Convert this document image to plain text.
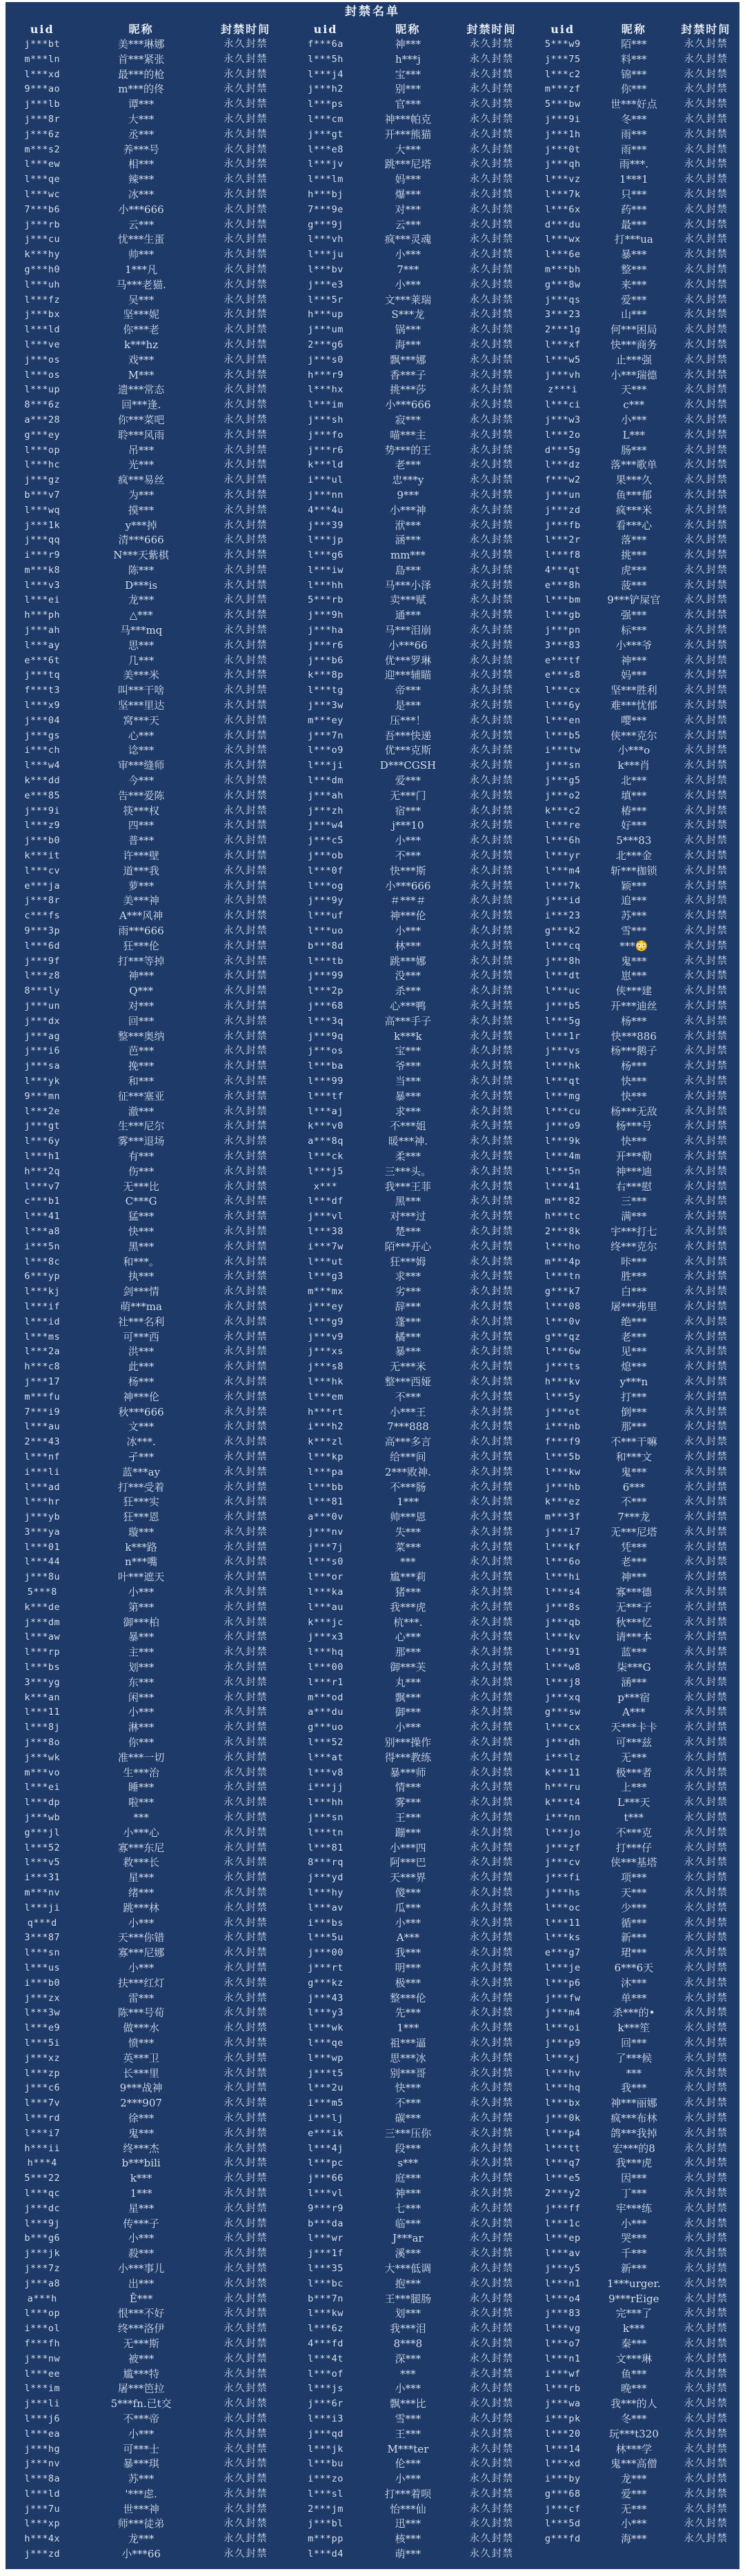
封禁名单
uid	昵称	封禁时间
j***bt	美***琳娜	永久封禁
m***ln	首***紧张	永久封禁
l***xd	最***的枪	永久封禁
9***ao	m***的佟	永久封禁
j***lb	谭***	永久封禁
j***8r	大***	永久封禁
j***6z	丞***	永久封禁
m***s2	养***号	永久封禁
l***ew	相***	永久封禁
l***qe	辣***	永久封禁
l***wc	冰***	永久封禁
7***b6	小***666	永久封禁
j***rb	云***	永久封禁
j***cu	忧***生蛋	永久封禁
k***hy	帅***	永久封禁
g***h0	1***凡	永久封禁
l***uh	马***老猫.	永久封禁
l***fz	吴***	永久封禁
j***bx	坚***妮	永久封禁
l***ld	你***老	永久封禁
l***ve	k***hz	永久封禁
j***os	戏***	永久封禁
l***os	M***	永久封禁
l***up	遗***常态	永久封禁
8***6z	回***逢.	永久封禁
a***28	你***菜吧	永久封禁
g***ey	聆***风雨	永久封禁
l***op	吊***	永久封禁
l***hc	光***	永久封禁
j***gz	疯***易丝	永久封禁
b***v7	为***	永久封禁
l***wq	摸***	永久封禁
j***1k	y***掉	永久封禁
j***qq	清***666	永久封禁
i***r9	N***天紫棋	永久封禁
m***k8	陈***	永久封禁
l***v3	D***is	永久封禁
l***ei	龙***	永久封禁
h***ph	△***	永久封禁
j***ah	马***mq	永久封禁
l***ay	思***	永久封禁
e***6t	几***	永久封禁
j***tq	美***米	永久封禁
f***t3	叫***干啥	永久封禁
l***x9	坚***里达	永久封禁
j***04	窝***天	永久封禁
j***gs	心***	永久封禁
i***ch	谂***	永久封禁
l***w4	审***缝师	永久封禁
k***dd	今***	永久封禁
e***85	告***爱陈	永久封禁
j***9i	筷***权	永久封禁
l***z9	四***	永久封禁
j***b0	普***	永久封禁
k***it	许***壁	永久封禁
l***cv	道***我	永久封禁
e***ja	萝***	永久封禁
j***8r	美***神	永久封禁
c***fs	A***风神	永久封禁
9***3p	雨***666	永久封禁
l***6d	狂***伦	永久封禁
j***9f	打***等掉	永久封禁
l***z8	神***	永久封禁
8***ly	Q***	永久封禁
j***un	对***	永久封禁
j***dx	回***	永久封禁
j***ag	整***奥纳	永久封禁
j***i6	芭***	永久封禁
j***sa	挽***	永久封禁
l***yk	和***	永久封禁
9***mn	征***塞亚	永久封禁
l***2e	澈***	永久封禁
j***gt	生***尼尔	永久封禁
l***6y	雾***退场	永久封禁
l***h1	有***	永久封禁
h***2q	伤***	永久封禁
l***v7	无***比	永久封禁
c***b1	C***G	永久封禁
l***41	猛***	永久封禁
l***a8	快***	永久封禁
i***5n	黑***	永久封禁
l***8c	和***。	永久封禁
6***yp	执***	永久封禁
l***kj	剑***情	永久封禁
l***if	萌***ma	永久封禁
l***id	社***名利	永久封禁
l***ms	可***西	永久封禁
l***2a	洪***	永久封禁
h***c8	此***	永久封禁
j***17	杨***	永久封禁
m***fu	神***伦	永久封禁
7***i9	秋***666	永久封禁
l***au	文***	永久封禁
2***43	冰***.	永久封禁
l***nf	孑***	永久封禁
i***li	蓝***ay	永久封禁
l***ad	打***受着	永久封禁
l***hr	狂***实	永久封禁
j***yb	狂***恩	永久封禁
3***ya	璇***	永久封禁
l***01	k***路	永久封禁
l***44	n***嘴	永久封禁
j***8u	叶***遮天	永久封禁
5***8	小***	永久封禁
k***de	第***	永久封禁
j***dm	御***柏	永久封禁
l***aw	暴***	永久封禁
l***rp	主***	永久封禁
l***bs	划***	永久封禁
3***yg	东***	永久封禁
k***an	闲***	永久封禁
l***11	小***	永久封禁
l***8j	淋***	永久封禁
j***8o	你***	永久封禁
j***wk	准***一切	永久封禁
m***vo	生***治	永久封禁
l***ei	睡***	永久封禁
l***dp	啦***	永久封禁
j***wb	***	永久封禁
g***jl	小***心	永久封禁
l***52	寡***东尼	永久封禁
l***v5	救***长	永久封禁
i***31	星***	永久封禁
m***nv	绪***	永久封禁
l***ji	跳***林	永久封禁
q***d	小***	永久封禁
3***87	天***你错	永久封禁
l***sn	寡***尼娜	永久封禁
l***us	小***	永久封禁
i***b0	扶***红灯	永久封禁
j***zx	雷***	永久封禁
l***3w	陈***号荀	永久封禁
l***e9	做***水	永久封禁
l***5i	愤***	永久封禁
j***xz	英***卫	永久封禁
l***zp	长***里	永久封禁
j***c6	9***战神	永久封禁
l***7v	2***907	永久封禁
l***rd	徐***	永久封禁
l***i7	鬼***	永久封禁
h***ii	终***杰	永久封禁
h***4	b***bili	永久封禁
5***22	k***	永久封禁
l***qc	1***	永久封禁
j***dc	星***	永久封禁
l***9j	传***子	永久封禁
b***g6	小***	永久封禁
j***jk	殺***	永久封禁
j***7z	小***事儿	永久封禁
j***a8	出***	永久封禁
a***h	Ē***	永久封禁
l***op	恨***不好	永久封禁
i***ol	终***洛伊	永久封禁
f***fh	无***斯	永久封禁
j***nw	被***	永久封禁
l***ee	尴***特	永久封禁
l***im	屠***笆拉	永久封禁
j***li	5***fn.已t交	永久封禁
l***j6	不***帝	永久封禁
l***ea	小***	永久封禁
j***hg	可***士	永久封禁
j***nv	暴***琪	永久封禁
l***8a	苏***	永久封禁
l***ld	'***虑.	永久封禁
j***7u	世***神	永久封禁
l***xp	师***徒弟	永久封禁
h***4x	龙***	永久封禁
j***zd	小***66	永久封禁
uid	昵称	封禁时间
f***6a	神***	永久封禁
l***5h	h***j	永久封禁
l***j4	宝***	永久封禁
j***h2	别***	永久封禁
l***ps	官***	永久封禁
l***cm	神***帕克	永久封禁
j***gt	开***熊猫	永久封禁
l***e8	大***	永久封禁
l***jv	跳***尼塔	永久封禁
l***lm	妈***	永久封禁
h***bj	爆***	永久封禁
7***9e	对***	永久封禁
g***9j	云***	永久封禁
l***vh	疯***灵魂	永久封禁
l***ju	小***	永久封禁
l***bv	7***	永久封禁
j***e3	小***	永久封禁
l***5r	文***莱瑞	永久封禁
h***up	S***龙	永久封禁
j***um	锅***	永久封禁
2***g6	海***	永久封禁
j***s0	飘***娜	永久封禁
h***r9	香***子	永久封禁
l***hx	挑***莎	永久封禁
l***im	小***666	永久封禁
j***sh	寂***	永久封禁
j***fo	喵***主	永久封禁
j***r6	势***的王	永久封禁
k***ld	老***	永久封禁
i***ul	忠***y	永久封禁
j***nn	9***	永久封禁
4***4u	小***神	永久封禁
j***39	洑***	永久封禁
l***jp	涵***	永久封禁
l***g6	mm***	永久封禁
l***iw	島***	永久封禁
l***hh	马***小泽	永久封禁
5***rb	卖***赋	永久封禁
j***9h	通***	永久封禁
j***ha	马***泪崩	永久封禁
j***r6	小***66	永久封禁
j***b6	优***罗琳	永久封禁
k***8p	迎***辅瞄	永久封禁
l***tg	帝***	永久封禁
j***3w	是***	永久封禁
m***ey	压***！	永久封禁
j***7n	吾***快递	永久封禁
l***o9	优***克斯	永久封禁
l***ji	D***CGSH	永久封禁
l***dm	爱***	永久封禁
j***ah	无***门	永久封禁
j***zh	宿***	永久封禁
j***w4	j***10	永久封禁
j***c5	小***	永久封禁
j***ob	不***	永久封禁
l***0f	快***斯	永久封禁
l***og	小***666	永久封禁
j***9y	＃***＃	永久封禁
l***uf	神***伦	永久封禁
l***uo	小***	永久封禁
b***8d	林***	永久封禁
l***tb	跳***娜	永久封禁
j***99	没***	永久封禁
l***2p	杀***	永久封禁
j***68	心***鸭	永久封禁
l***3q	高***手子	永久封禁
j***9q	k***k	永久封禁
j***os	宝***	永久封禁
l***ba	爷***	永久封禁
l***99	当***	永久封禁
l***tf	暴***	永久封禁
l***aj	求***	永久封禁
k***v0	不***姐	永久封禁
a***8q	暖***神.	永久封禁
l***ck	柔***	永久封禁
l***j5	三***头。	永久封禁
x***	我***王菲	永久封禁
l***df	黑***	永久封禁
j***vl	对***过	永久封禁
l***38	楚***	永久封禁
i***7w	陌***开心	永久封禁
l***ut	狂***姆	永久封禁
l***g3	求***	永久封禁
m***mx	劣***	永久封禁
j***ey	辞***	永久封禁
l***g9	蓬***	永久封禁
j***v9	橘***	永久封禁
j***xs	暴***	永久封禁
j***s8	无***米	永久封禁
l***hk	整***西娅	永久封禁
l***em	不***	永久封禁
h***rt	小***王	永久封禁
i***h2	7***888	永久封禁
k***zl	高***多言	永久封禁
l***kp	给***间	永久封禁
l***pa	2***败神.	永久封禁
l***bb	不***肠	永久封禁
l***81	1***	永久封禁
a***0v	帅***恩	永久封禁
j***nv	失***	永久封禁
j***7j	菜***	永久封禁
l***s0	***	永久封禁
l***or	尴***莉	永久封禁
l***ka	猪***	永久封禁
l***au	我***虎	永久封禁
k***jc	杭***.	永久封禁
j***x3	心***	永久封禁
l***hq	那***	永久封禁
l***00	御***芙	永久封禁
l***r1	丸***	永久封禁
m***od	飘***	永久封禁
a***du	御***	永久封禁
g***uo	小***	永久封禁
l***52	别***操作	永久封禁
l***at	得***教练	永久封禁
l***v8	暴***师	永久封禁
i***jj	情***	永久封禁
l***hh	雾***	永久封禁
j***sn	王***	永久封禁
l***tn	蹦***	永久封禁
l***81	小***四	永久封禁
8***rq	阿***巴	永久封禁
j***yd	天***界	永久封禁
l***hy	傻***	永久封禁
l***av	瓜***	永久封禁
i***bs	小***	永久封禁
l***5u	A***	永久封禁
j***00	我***	永久封禁
j***rt	明***	永久封禁
g***kz	极***	永久封禁
j***43	整***伦	永久封禁
l***y3	先***	永久封禁
l***wk	1***	永久封禁
l***qe	祖***逼	永久封禁
l***wp	思***冰	永久封禁
j***t5	别***哥	永久封禁
l***2u	快***	永久封禁
i***m5	不***	永久封禁
i***lj	碳***	永久封禁
e***ik	三***压你	永久封禁
l***4j	段***	永久封禁
l***pc	s***	永久封禁
j***66	庭***	永久封禁
l***vl	神***	永久封禁
9***r9	七***	永久封禁
b***da	临***	永久封禁
l***wr	J***ar	永久封禁
j***1f	溪***	永久封禁
l***35	大***低调	永久封禁
l***bc	抱***	永久封禁
b***7n	王***腿肠	永久封禁
l***kw	划***	永久封禁
l***6z	我***泪	永久封禁
4***fd	8***8	永久封禁
l***4t	深***	永久封禁
l***of	***	永久封禁
l***js	小***	永久封禁
j***6r	飘***比	永久封禁
l***i3	雪***	永久封禁
j***qd	王***	永久封禁
l***jk	M***ter	永久封禁
l***bu	伦***	永久封禁
i***zo	小***	永久封禁
l***sl	打***着呗	永久封禁
2***jm	怡***仙	永久封禁
j***bl	迅***	永久封禁
m***pp	核***	永久封禁
l***d4	萌***	永久封禁
uid	昵称	封禁时间
5***w9	陌***	永久封禁
j***75	料***	永久封禁
l***c2	锦***	永久封禁
m***zf	你***	永久封禁
5***bw	世***好点	永久封禁
j***9i	冬***	永久封禁
j***1h	雨***	永久封禁
j***0t	雨***	永久封禁
j***qh	雨***.	永久封禁
l***vz	1***1	永久封禁
l***7k	只***	永久封禁
l***6x	药***	永久封禁
d***du	最***	永久封禁
l***wx	打***ua	永久封禁
l***6e	暴***	永久封禁
m***bh	整***	永久封禁
g***8w	来***	永久封禁
j***qs	爱***	永久封禁
3***23	山***	永久封禁
2***1g	何***困局	永久封禁
l***xf	快***商务	永久封禁
l***w5	止***强	永久封禁
j***vh	小***瑞德	永久封禁
z***i	天***	永久封禁
l***ci	c***	永久封禁
j***w3	小***	永久封禁
l***2o	L***	永久封禁
d***5g	肠***	永久封禁
l***dz	落***歌单	永久封禁
f***w2	果***久	永久封禁
j***un	鱼***郁	永久封禁
j***zd	疯***米	永久封禁
j***fb	看***心	永久封禁
l***2r	落***	永久封禁
l***f8	挑***	永久封禁
4***qt	虎***	永久封禁
e***8h	菠***	永久封禁
l***bm	9***铲屎官	永久封禁
l***gb	强***	永久封禁
j***pn	标***	永久封禁
3***83	小***爷	永久封禁
e***tf	神***	永久封禁
e***s8	妈***	永久封禁
l***cx	坚***胜利	永久封禁
l***6y	难***忧郁	永久封禁
l***en	嘤***	永久封禁
l***b5	侠***克尔	永久封禁
i***tw	小***o	永久封禁
j***sn	k***肖	永久封禁
j***g5	北***	永久封禁
j***o2	填***	永久封禁
k***c2	椿***	永久封禁
l***re	好***	永久封禁
l***6h	5***83	永久封禁
l***yr	北***金	永久封禁
l***m4	斩***枷锁	永久封禁
l***7k	颖***	永久封禁
j***id	追***	永久封禁
i***23	苏***	永久封禁
g***k2	雪***	永久封禁
l***cq	***😳	永久封禁
j***8h	鬼***	永久封禁
l***dt	崽***	永久封禁
l***uc	侠***建	永久封禁
j***b5	开***迪丝	永久封禁
l***5g	杨***	永久封禁
l***1r	快***886	永久封禁
j***vs	杨***鹅子	永久封禁
l***hk	杨***	永久封禁
l***qt	快***	永久封禁
l***mg	快***	永久封禁
l***cu	杨***无敌	永久封禁
j***o9	杨***号	永久封禁
l***9k	快***	永久封禁
l***4m	开***勒	永久封禁
l***5n	神***迪	永久封禁
l***41	右***慰	永久封禁
m***82	三***	永久封禁
h***tc	满***	永久封禁
2***8k	宇***打七	永久封禁
l***ho	终***克尔	永久封禁
m***4p	咔***	永久封禁
l***tn	胜***	永久封禁
g***k7	白***	永久封禁
l***08	屠***弗里	永久封禁
l***0v	绝***	永久封禁
g***qz	老***	永久封禁
l***6w	见***	永久封禁
j***ts	熄***	永久封禁
h***kv	y***n	永久封禁
l***5y	打***	永久封禁
j***ot	倒***	永久封禁
i***nb	那***	永久封禁
f***f9	不***干嘛	永久封禁
l***5b	和***文	永久封禁
l***kw	鬼***	永久封禁
j***hb	6***	永久封禁
k***ez	不***	永久封禁
m***3f	7***龙	永久封禁
j***i7	无***尼塔	永久封禁
l***kf	凭***	永久封禁
l***6o	老***	永久封禁
l***hi	神***	永久封禁
l***s4	寡***德	永久封禁
j***8s	无***子	永久封禁
j***qb	秋***忆	永久封禁
l***kv	请***本	永久封禁
l***91	蓝***	永久封禁
l***w8	柒***G	永久封禁
l***j8	涵***	永久封禁
j***xq	p***宿	永久封禁
g***sw	A***	永久封禁
l***cx	天***卡卡	永久封禁
j***dh	可***兹	永久封禁
i***lz	无***	永久封禁
k***11	极***者	永久封禁
h***ru	上***	永久封禁
k***t4	L***天	永久封禁
i***nn	t***	永久封禁
l***jo	不***克	永久封禁
j***zf	打***仔	永久封禁
j***cv	侠***基塔	永久封禁
j***fi	项***	永久封禁
j***hs	天***	永久封禁
l***oc	少***	永久封禁
l***11	循***	永久封禁
l***ks	新***	永久封禁
e***g7	珺***	永久封禁
l***je	6***6天	永久封禁
l***p6	沐***	永久封禁
j***fw	单***	永久封禁
j***m4	杀***的•	永久封禁
l***oi	k***笙	永久封禁
j***p9	回***	永久封禁
l***xj	了***候	永久封禁
l***hv	***	永久封禁
l***hq	我***	永久封禁
l***bx	神***丽娜	永久封禁
j***0k	疯***布林	永久封禁
l***p4	鸽***我掉	永久封禁
l***tt	宏***的8	永久封禁
l***q7	我***虎	永久封禁
l***e5	因***	永久封禁
2***y2	丁***	永久封禁
j***ff	牢***练	永久封禁
l***1c	小***	永久封禁
l***ep	哭***	永久封禁
l***av	千***	永久封禁
j***y5	新***	永久封禁
l***n1	1***urger.	永久封禁
l***o4	9***rEige	永久封禁
j***83	完***了	永久封禁
l***vg	k***	永久封禁
l***o7	秦***	永久封禁
l***n1	文***琳	永久封禁
i***wf	鱼***	永久封禁
l***rb	晚***	永久封禁
j***wa	我***的人	永久封禁
i***pk	冬***	永久封禁
l***20	玩***t320	永久封禁
l***14	林***学	永久封禁
l***xd	鬼***高僧	永久封禁
i***by	龙***	永久封禁
g***68	爱***	永久封禁
j***cf	无***	永久封禁
l***5d	小***	永久封禁
g***fd	海***	永久封禁
